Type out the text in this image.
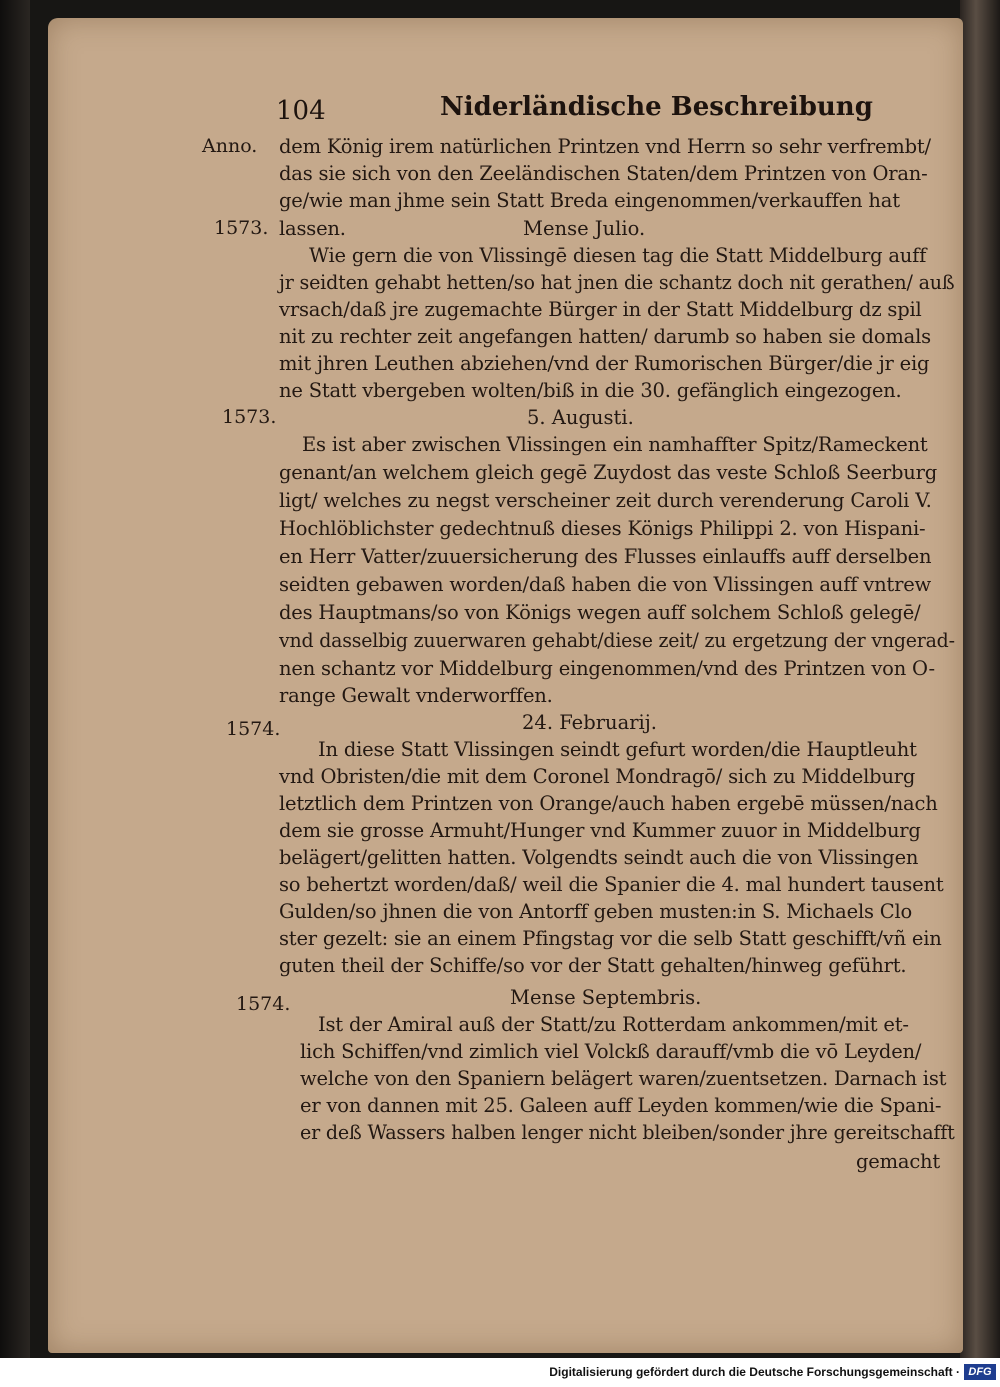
104	Niderländische Beschreibung
Anno.
1573.
1573.
1574.
1574.
Mense Julio.
5. Augusti.
24. Februarij.
Mense Septembris.
dem König irem natürlichen Printzen vnd Herrn so sehr verfrembt/
das sie sich von den Zeeländischen Staten/dem Printzen von Oran-
ge/wie man jhme sein Statt Breda eingenommen/verkauffen hat
lassen.
Wie gern die von Vlissingē diesen tag die Statt Middelburg auff
jr seidten gehabt hetten/so hat jnen die schantz doch nit gerathen/ auß
vrsach/daß jre zugemachte Bürger in der Statt Middelburg dz spil
nit zu rechter zeit angefangen hatten/ darumb so haben sie domals
mit jhren Leuthen abziehen/vnd der Rumorischen Bürger/die jr eig
ne Statt vbergeben wolten/biß in die 30. gefänglich eingezogen.
Es ist aber zwischen Vlissingen ein namhaffter Spitz/Rameckent
genant/an welchem gleich gegē Zuydost das veste Schloß Seerburg
ligt/ welches zu negst verscheiner zeit durch verenderung Caroli V.
Hochlöblichster gedechtnuß dieses Königs Philippi 2. von Hispani-
en Herr Vatter/zuuersicherung des Flusses einlauffs auff derselben
seidten gebawen worden/daß haben die von Vlissingen auff vntrew
des Hauptmans/so von Königs wegen auff solchem Schloß gelegē/
vnd dasselbig zuuerwaren gehabt/diese zeit/ zu ergetzung der vngerad-
nen schantz vor Middelburg eingenommen/vnd des Printzen von O-
range Gewalt vnderworffen.
In diese Statt Vlissingen seindt gefurt worden/die Hauptleuht
vnd Obristen/die mit dem Coronel Mondragō/ sich zu Middelburg
letztlich dem Printzen von Orange/auch haben ergebē müssen/nach
dem sie grosse Armuht/Hunger vnd Kummer zuuor in Middelburg
belägert/gelitten hatten. Volgendts seindt auch die von Vlissingen
so behertzt worden/daß/ weil die Spanier die 4. mal hundert tausent
Gulden/so jhnen die von Antorff geben musten:in S. Michaels Clo
ster gezelt: sie an einem Pfingstag vor die selb Statt geschifft/vñ ein
guten theil der Schiffe/so vor der Statt gehalten/hinweg geführt.
Ist der Amiral auß der Statt/zu Rotterdam ankommen/mit et-
lich Schiffen/vnd zimlich viel Volckß darauff/vmb die vō Leyden/
welche von den Spaniern belägert waren/zuentsetzen. Darnach ist
er von dannen mit 25. Galeen auff Leyden kommen/wie die Spani-
er deß Wassers halben lenger nicht bleiben/sonder jhre gereitschafft
gemacht
Digitalisierung gefördert durch die Deutsche Forschungsgemeinschaft · DFG
